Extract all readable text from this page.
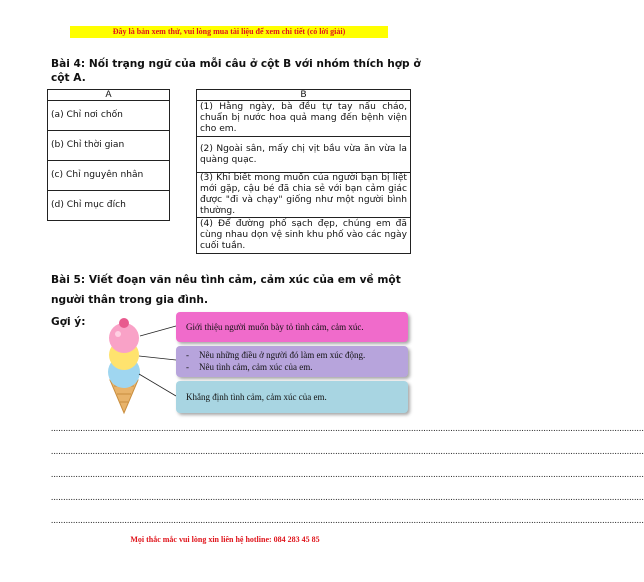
Đây là bản xem thử, vui lòng mua tài liệu để xem chi tiết (có lời giải)
Bài 4: Nối trạng ngữ của mỗi câu ở cột B với nhóm thích hợp ở cột A.
A
(a) Chỉ nơi chốn
(b) Chỉ thời gian
(c) Chỉ nguyên nhân
(d) Chỉ mục đích
B
(1) Hằng ngày, bà đều tự tay nấu cháo, chuẩn bị nước hoa quả mang đến bệnh viện cho em.
(2) Ngoài sân, mấy chị vịt bầu vừa ăn vừa la quàng quạc.
(3) Khi biết mong muốn của người bạn bị liệt mới gặp, cậu bé đã chia sẻ với bạn cảm giác được "đi và chạy" giống như một người bình thường.
(4) Để đường phố sạch đẹp, chúng em đã cùng nhau dọn vệ sinh khu phố vào các ngày cuối tuần.
Bài 5: Viết đoạn văn nêu tình cảm, cảm xúc của em về một người thân trong gia đình.
Gợi ý:	Giới thiệu người muốn bày tỏ tình cảm, cảm xúc.
- Nêu những điều ở người đó làm em xúc động.
- Nêu tình cảm, cảm xúc của em.
Khẳng định tình cảm, cảm xúc của em.
..................................................................................................................................................................................................................................................
..................................................................................................................................................................................................................................................
..................................................................................................................................................................................................................................................
..................................................................................................................................................................................................................................................
..................................................................................................................................................................................................................................................
Mọi thắc mắc vui lòng xin liên hệ hotline: 084 283 45 85
